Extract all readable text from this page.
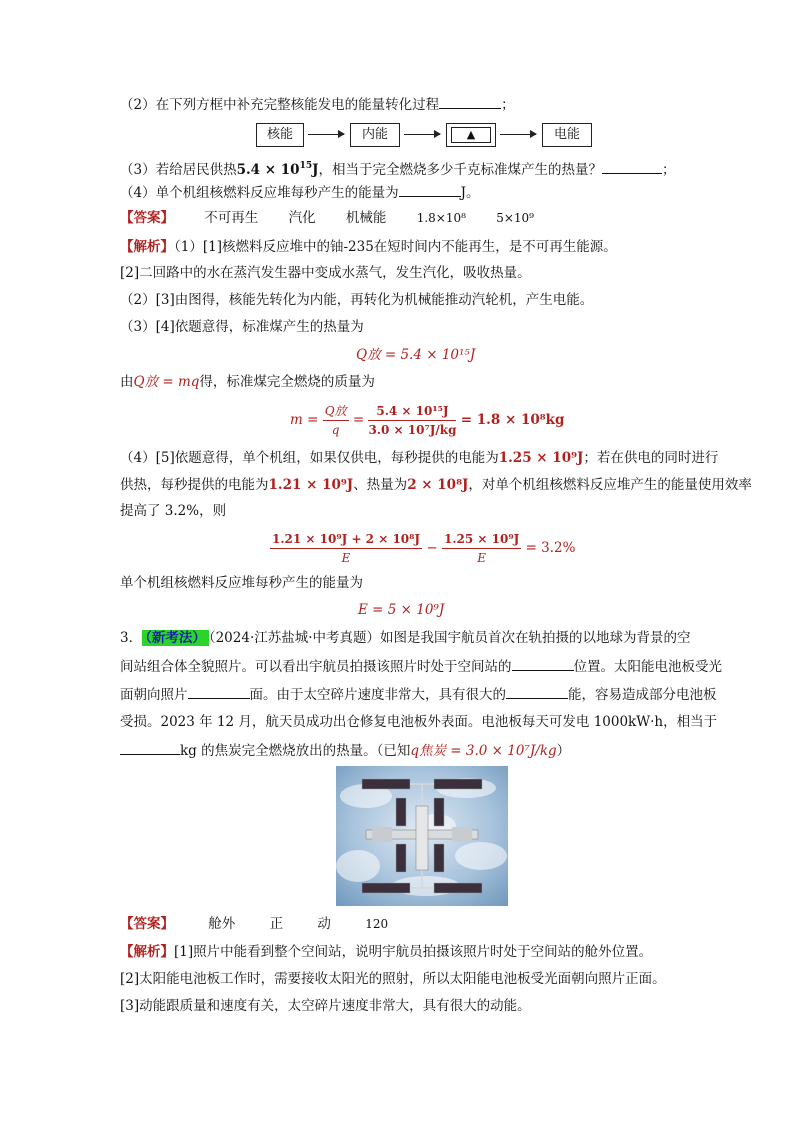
（2）在下列方框中补充完整核能发电的能量转化过程	；
核能	内能	▲	电能
（3）若给居民供热$5.4 \times 10^{15}J$，相当于完全燃烧多少千克标准煤产生的热量？	；
（4）单个机组核燃料反应堆每秒产生的能量为	J。
【答案】 不可再生 汽化 机械能	1.8×10⁸	5×10⁹
【解析】（1）[1]核燃料反应堆中的铀-235在短时间内不能再生，是不可再生能源。
[2]二回路中的水在蒸汽发生器中变成水蒸气，发生汽化，吸收热量。
（2）[3]由图得，核能先转化为内能，再转化为机械能推动汽轮机，产生电能。
（3）[4]依题意得，标准煤产生的热量为
Q放 = 5.4 × 10¹⁵J
由Q放 = mq得，标准煤完全燃烧的质量为
$m = \frac{\text{Q放}}{q} = \frac{\text{5.4 × 10¹⁵J}}{\text{3.0 × 10⁷J/kg}} = 1.8 \times 10^8kg$
（4）[5]依题意得，单个机组，如果仅供电，每秒提供的电能为1.25 × 10⁹J；若在供电的同时进行
供热，每秒提供的电能为1.21 × 10⁹J、热量为2 × 10⁸J，对单个机组核燃料反应堆产生的能量使用效率
提高了 3.2%，则
$\frac{\text{1.21 × 10⁹J + 2 × 10⁸J}}{E} - \frac{\text{1.25 × 10⁹J}}{E} = 3.2\%$
单个机组核燃料反应堆每秒产生的能量为
E = 5 × 10⁹J
3． （新考法） （2024·江苏盐城·中考真题）如图是我国宇航员首次在轨拍摄的以地球为背景的空
间站组合体全貌照片。可以看出宇航员拍摄该照片时处于空间站的	位置。太阳能电池板受光
面朝向照片	面。由于太空碎片速度非常大，具有很大的	能，容易造成部分电池板
受损。2023 年 12 月，航天员成功出仓修复电池板外表面。电池板每天可发电 1000kW·h，相当于
kg 的焦炭完全燃烧放出的热量。（已知q焦炭 = 3.0 × 10⁷J/kg）
【答案】	舱外	正	动	120
【解析】[1]照片中能看到整个空间站，说明宇航员拍摄该照片时处于空间站的舱外位置。
[2]太阳能电池板工作时，需要接收太阳光的照射，所以太阳能电池板受光面朝向照片正面。
[3]动能跟质量和速度有关，太空碎片速度非常大，具有很大的动能。
